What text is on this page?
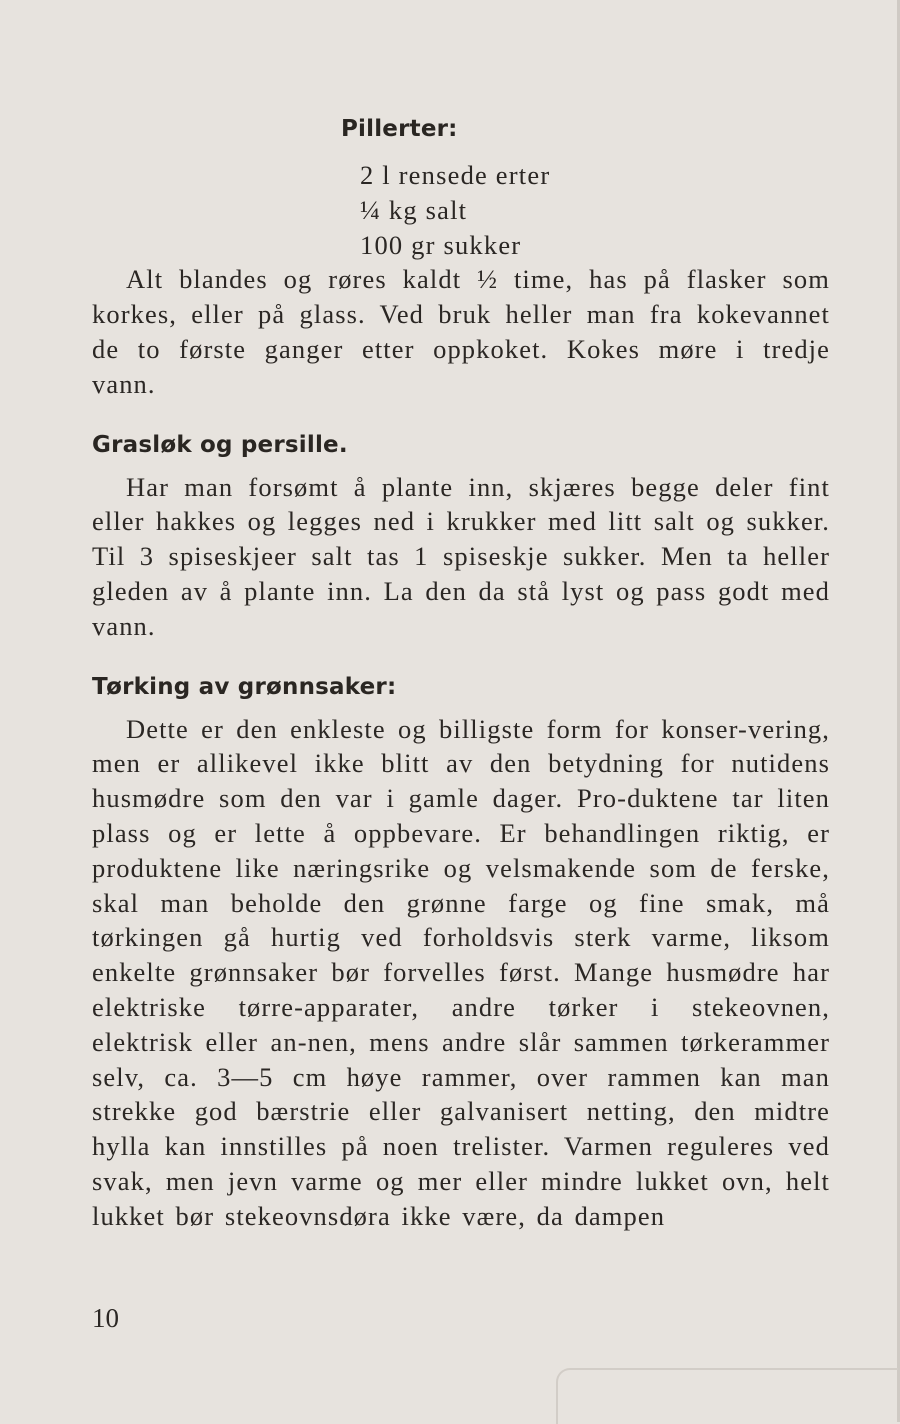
Pillerter:
2 l rensede erter
¼ kg salt
100 gr sukker
Alt blandes og røres kaldt ½ time, has på flasker som korkes, eller på glass. Ved bruk heller man fra kokevannet de to første ganger etter oppkoket. Kokes møre i tredje vann.
Grasløk og persille.
Har man forsømt å plante inn, skjæres begge deler fint eller hakkes og legges ned i krukker med litt salt og sukker. Til 3 spiseskjeer salt tas 1 spiseskje sukker. Men ta heller gleden av å plante inn. La den da stå lyst og pass godt med vann.
Tørking av grønnsaker:
Dette er den enkleste og billigste form for konser-vering, men er allikevel ikke blitt av den betydning for nutidens husmødre som den var i gamle dager. Pro-duktene tar liten plass og er lette å oppbevare. Er behandlingen riktig, er produktene like næringsrike og velsmakende som de ferske, skal man beholde den grønne farge og fine smak, må tørkingen gå hurtig ved forholdsvis sterk varme, liksom enkelte grønnsaker bør forvelles først. Mange husmødre har elektriske tørre-apparater, andre tørker i stekeovnen, elektrisk eller an-nen, mens andre slår sammen tørkerammer selv, ca. 3—5 cm høye rammer, over rammen kan man strekke god bærstrie eller galvanisert netting, den midtre hylla kan innstilles på noen trelister. Varmen reguleres ved svak, men jevn varme og mer eller mindre lukket ovn, helt lukket bør stekeovnsdøra ikke være, da dampen
10
